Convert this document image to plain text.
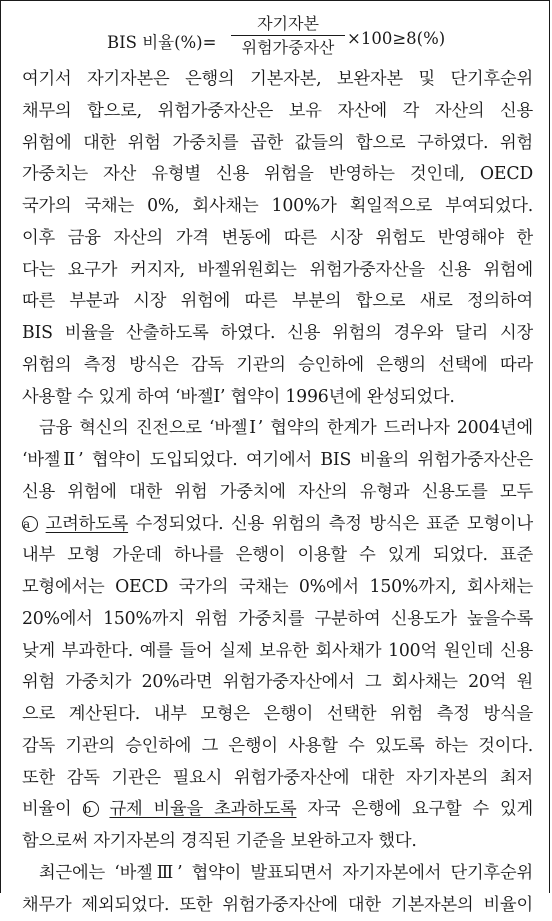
BIS 비율(%)=
자기자본
위험가중자산 ×100≥8(%)
여기서 자기자본은 은행의 기본자본, 보완자본 및 단기후순위
채무의 합으로, 위험가중자산은 보유 자산에 각 자산의 신용
위험에 대한 위험 가중치를 곱한 값들의 합으로 구하였다. 위험
가중치는 자산 유형별 신용 위험을 반영하는 것인데, OECD
국가의 국채는 0%, 회사채는 100%가 획일적으로 부여되었다.
이후 금융 자산의 가격 변동에 따른 시장 위험도 반영해야 한
다는 요구가 커지자, 바젤위원회는 위험가중자산을 신용 위험에
따른 부분과 시장 위험에 따른 부분의 합으로 새로 정의하여
BIS 비율을 산출하도록 하였다. 신용 위험의 경우와 달리 시장
위험의 측정 방식은 감독 기관의 승인하에 은행의 선택에 따라
사용할 수 있게 하여 ‘바젤Ⅰ’ 협약이 1996년에 완성되었다.
금융 혁신의 진전으로 ‘바젤Ⅰ’ 협약의 한계가 드러나자 2004년에
‘바젤Ⅱ’ 협약이 도입되었다. 여기에서 BIS 비율의 위험가중자산은
신용 위험에 대한 위험 가중치에 자산의 유형과 신용도를 모두
a 고려하도록 수정되었다. 신용 위험의 측정 방식은 표준 모형이나
내부 모형 가운데 하나를 은행이 이용할 수 있게 되었다. 표준
모형에서는 OECD 국가의 국채는 0%에서 150%까지, 회사채는
20%에서 150%까지 위험 가중치를 구분하여 신용도가 높을수록
낮게 부과한다. 예를 들어 실제 보유한 회사채가 100억 원인데 신용
위험 가중치가 20%라면 위험가중자산에서 그 회사채는 20억 원
으로 계산된다. 내부 모형은 은행이 선택한 위험 측정 방식을
감독 기관의 승인하에 그 은행이 사용할 수 있도록 하는 것이다.
또한 감독 기관은 필요시 위험가중자산에 대한 자기자본의 최저
비율이 b 규제 비율을 초과하도록 자국 은행에 요구할 수 있게
함으로써 자기자본의 경직된 기준을 보완하고자 했다.
최근에는 ‘바젤Ⅲ’ 협약이 발표되면서 자기자본에서 단기후순위
채무가 제외되었다. 또한 위험가중자산에 대한 기본자본의 비율이
